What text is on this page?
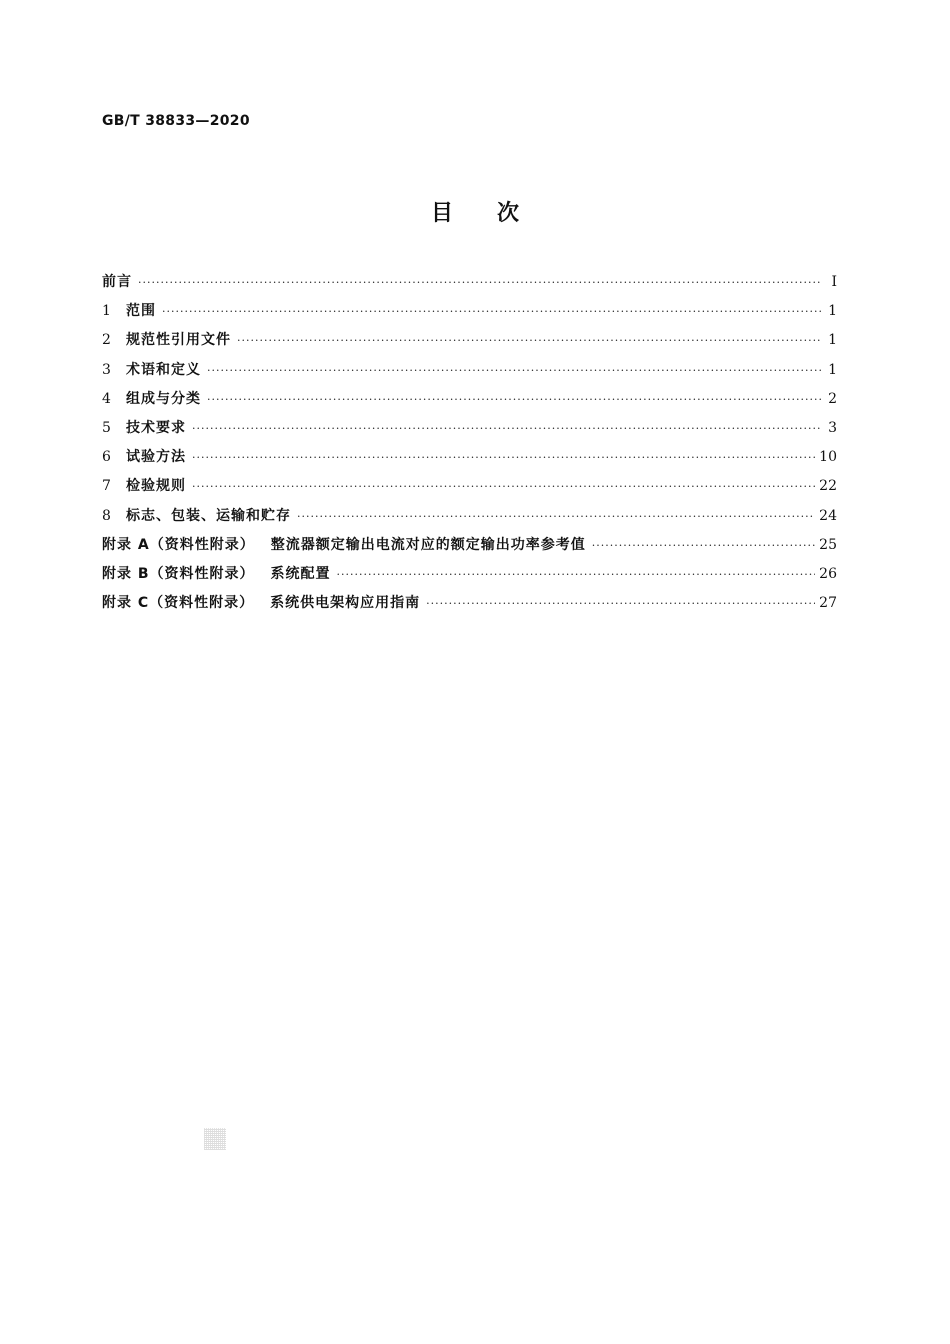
GB/T 38833—2020
目次
前言 ·····	Ⅰ
1	范围 ·····	1
2	规范性引用文件 ·····	1
3	术语和定义 ·····	1
4	组成与分类 ·····	2
5	技术要求 ·····	3
6	试验方法 ·····	10
7	检验规则 ·····	22
8	标志、包装、运输和贮存 ·····	24
附录 A（资料性附录） 整流器额定输出电流对应的额定输出功率参考值 ·····	25
附录 B（资料性附录） 系统配置 ·····	26
附录 C（资料性附录） 系统供电架构应用指南 ·····	27
